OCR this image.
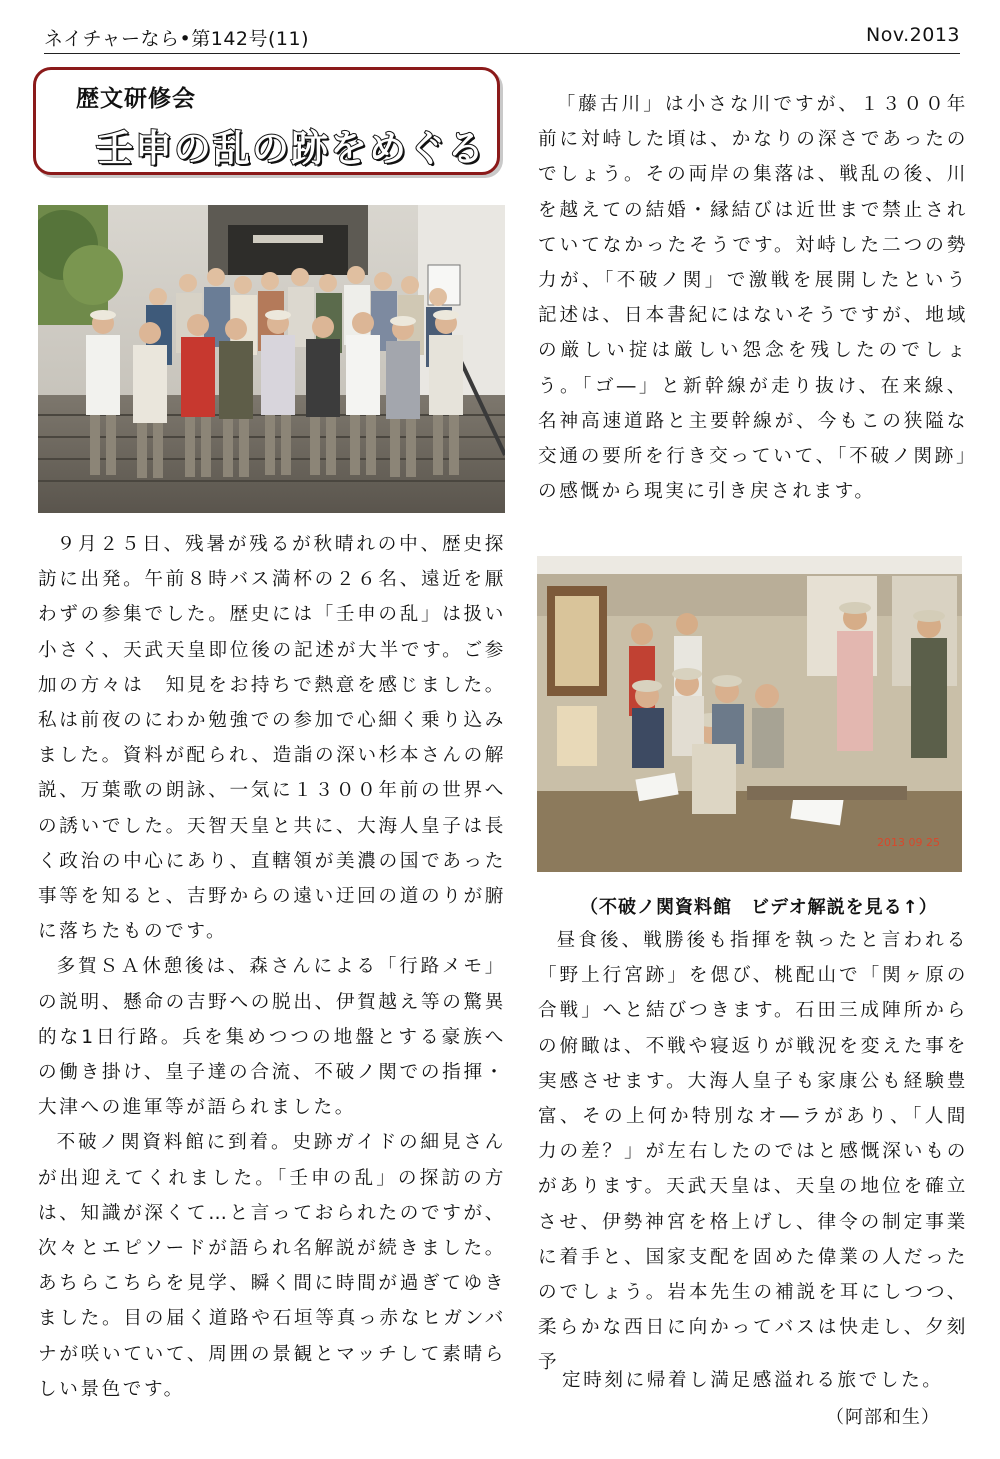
ネイチャーなら•第142号(11)	Nov.2013
歴文研修会
壬申の乱の跡をめぐる

９月２５日、残暑が残るが秋晴れの中、歴史探訪に出発。午前８時バス満杯の２６名、遠近を厭わずの参集でした。歴史には「壬申の乱」は扱い小さく、天武天皇即位後の記述が大半です。ご参加の方々は　知見をお持ちで熱意を感じました。私は前夜のにわか勉強での参加で心細く乗り込みました。資料が配られ、造詣の深い杉本さんの解説、万葉歌の朗詠、一気に１３００年前の世界への誘いでした。天智天皇と共に、大海人皇子は長く政治の中心にあり、直轄領が美濃の国であった事等を知ると、吉野からの遠い迂回の道のりが腑に落ちたものです。

多賀ＳＡ休憩後は、森さんによる「行路メモ」の説明、懸命の吉野への脱出、伊賀越え等の驚異的な1日行路。兵を集めつつの地盤とする豪族への働き掛け、皇子達の合流、不破ノ関での指揮・大津への進軍等が語られました。

不破ノ関資料館に到着。史跡ガイドの細見さんが出迎えてくれました。「壬申の乱」の探訪の方は、知識が深くて…と言っておられたのですが、次々とエピソードが語られ名解説が続きました。あちらこちらを見学、瞬く間に時間が過ぎてゆきました。目の届く道路や石垣等真っ赤なヒガンバナが咲いていて、周囲の景観とマッチして素晴らしい景色です。

「藤古川」は小さな川ですが、１３００年前に対峙した頃は、かなりの深さであったのでしょう。その両岸の集落は、戦乱の後、川を越えての結婚・縁結びは近世まで禁止されていてなかったそうです。対峙した二つの勢力が、「不破ノ関」で激戦を展開したという記述は、日本書紀にはないそうですが、地域の厳しい掟は厳しい怨念を残したのでしょう。「ゴ―」と新幹線が走り抜け、在来線、名神高速道路と主要幹線が、今もこの狭隘な交通の要所を行き交っていて、「不破ノ関跡」の感慨から現実に引き戻されます。

2013 09 25
（不破ノ関資料館　ビデオ解説を見る↑）

昼食後、戦勝後も指揮を執ったと言われる「野上行宮跡」を偲び、桃配山で「関ヶ原の合戦」へと結びつきます。石田三成陣所からの俯瞰は、不戦や寝返りが戦況を変えた事を実感させます。大海人皇子も家康公も経験豊富、その上何か特別なオ―ラがあり、「人間力の差？」が左右したのではと感慨深いものがあります。天武天皇は、天皇の地位を確立させ、伊勢神宮を格上げし、律令の制定事業に着手と、国家支配を固めた偉業の人だったのでしょう。岩本先生の補説を耳にしつつ、柔らかな西日に向かってバスは快走し、夕刻予

定時刻に帰着し満足感溢れる旅でした。
（阿部和生）
